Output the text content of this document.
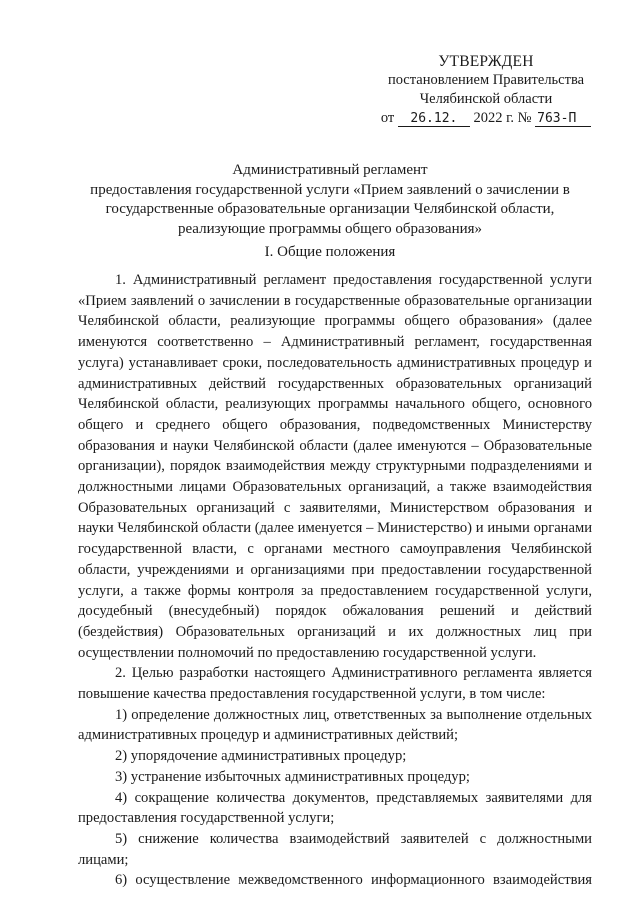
УТВЕРЖДЕН
постановлением Правительства
Челябинской области
от 26.12. 2022 г. № 763-П
Административный регламент
предоставления государственной услуги «Прием заявлений о зачислении в
государственные образовательные организации Челябинской области,
реализующие программы общего образования»
I. Общие положения

1. Административный регламент предоставления государственной услуги «Прием заявлений о зачислении в государственные образовательные организации Челябинской области, реализующие программы общего образования» (далее именуются соответственно – Административный регламент, государственная услуга) устанавливает сроки, последовательность административных процедур и административных действий государственных образовательных организаций Челябинской области, реализующих программы начального общего, основного общего и среднего общего образования, подведомственных Министерству образования и науки Челябинской области (далее именуются – Образовательные организации), порядок взаимодействия между структурными подразделениями и должностными лицами Образовательных организаций, а также взаимодействия Образовательных организаций с заявителями, Министерством образования и науки Челябинской области (далее именуется – Министерство) и иными органами государственной власти, с органами местного самоуправления Челябинской области, учреждениями и организациями при предоставлении государственной услуги, а также формы контроля за предоставлением государственной услуги, досудебный (внесудебный) порядок обжалования решений и действий (бездействия) Образовательных организаций и их должностных лиц при осуществлении полномочий по предоставлению государственной услуги.

2. Целью разработки настоящего Административного регламента является повышение качества предоставления государственной услуги, в том числе:

1) определение должностных лиц, ответственных за выполнение отдельных административных процедур и административных действий;

2) упорядочение административных процедур;

3) устранение избыточных административных процедур;

4) сокращение количества документов, представляемых заявителями для предоставления государственной услуги;

5) снижение количества взаимодействий заявителей с должностными лицами;

6) осуществление межведомственного информационного взаимодействия
